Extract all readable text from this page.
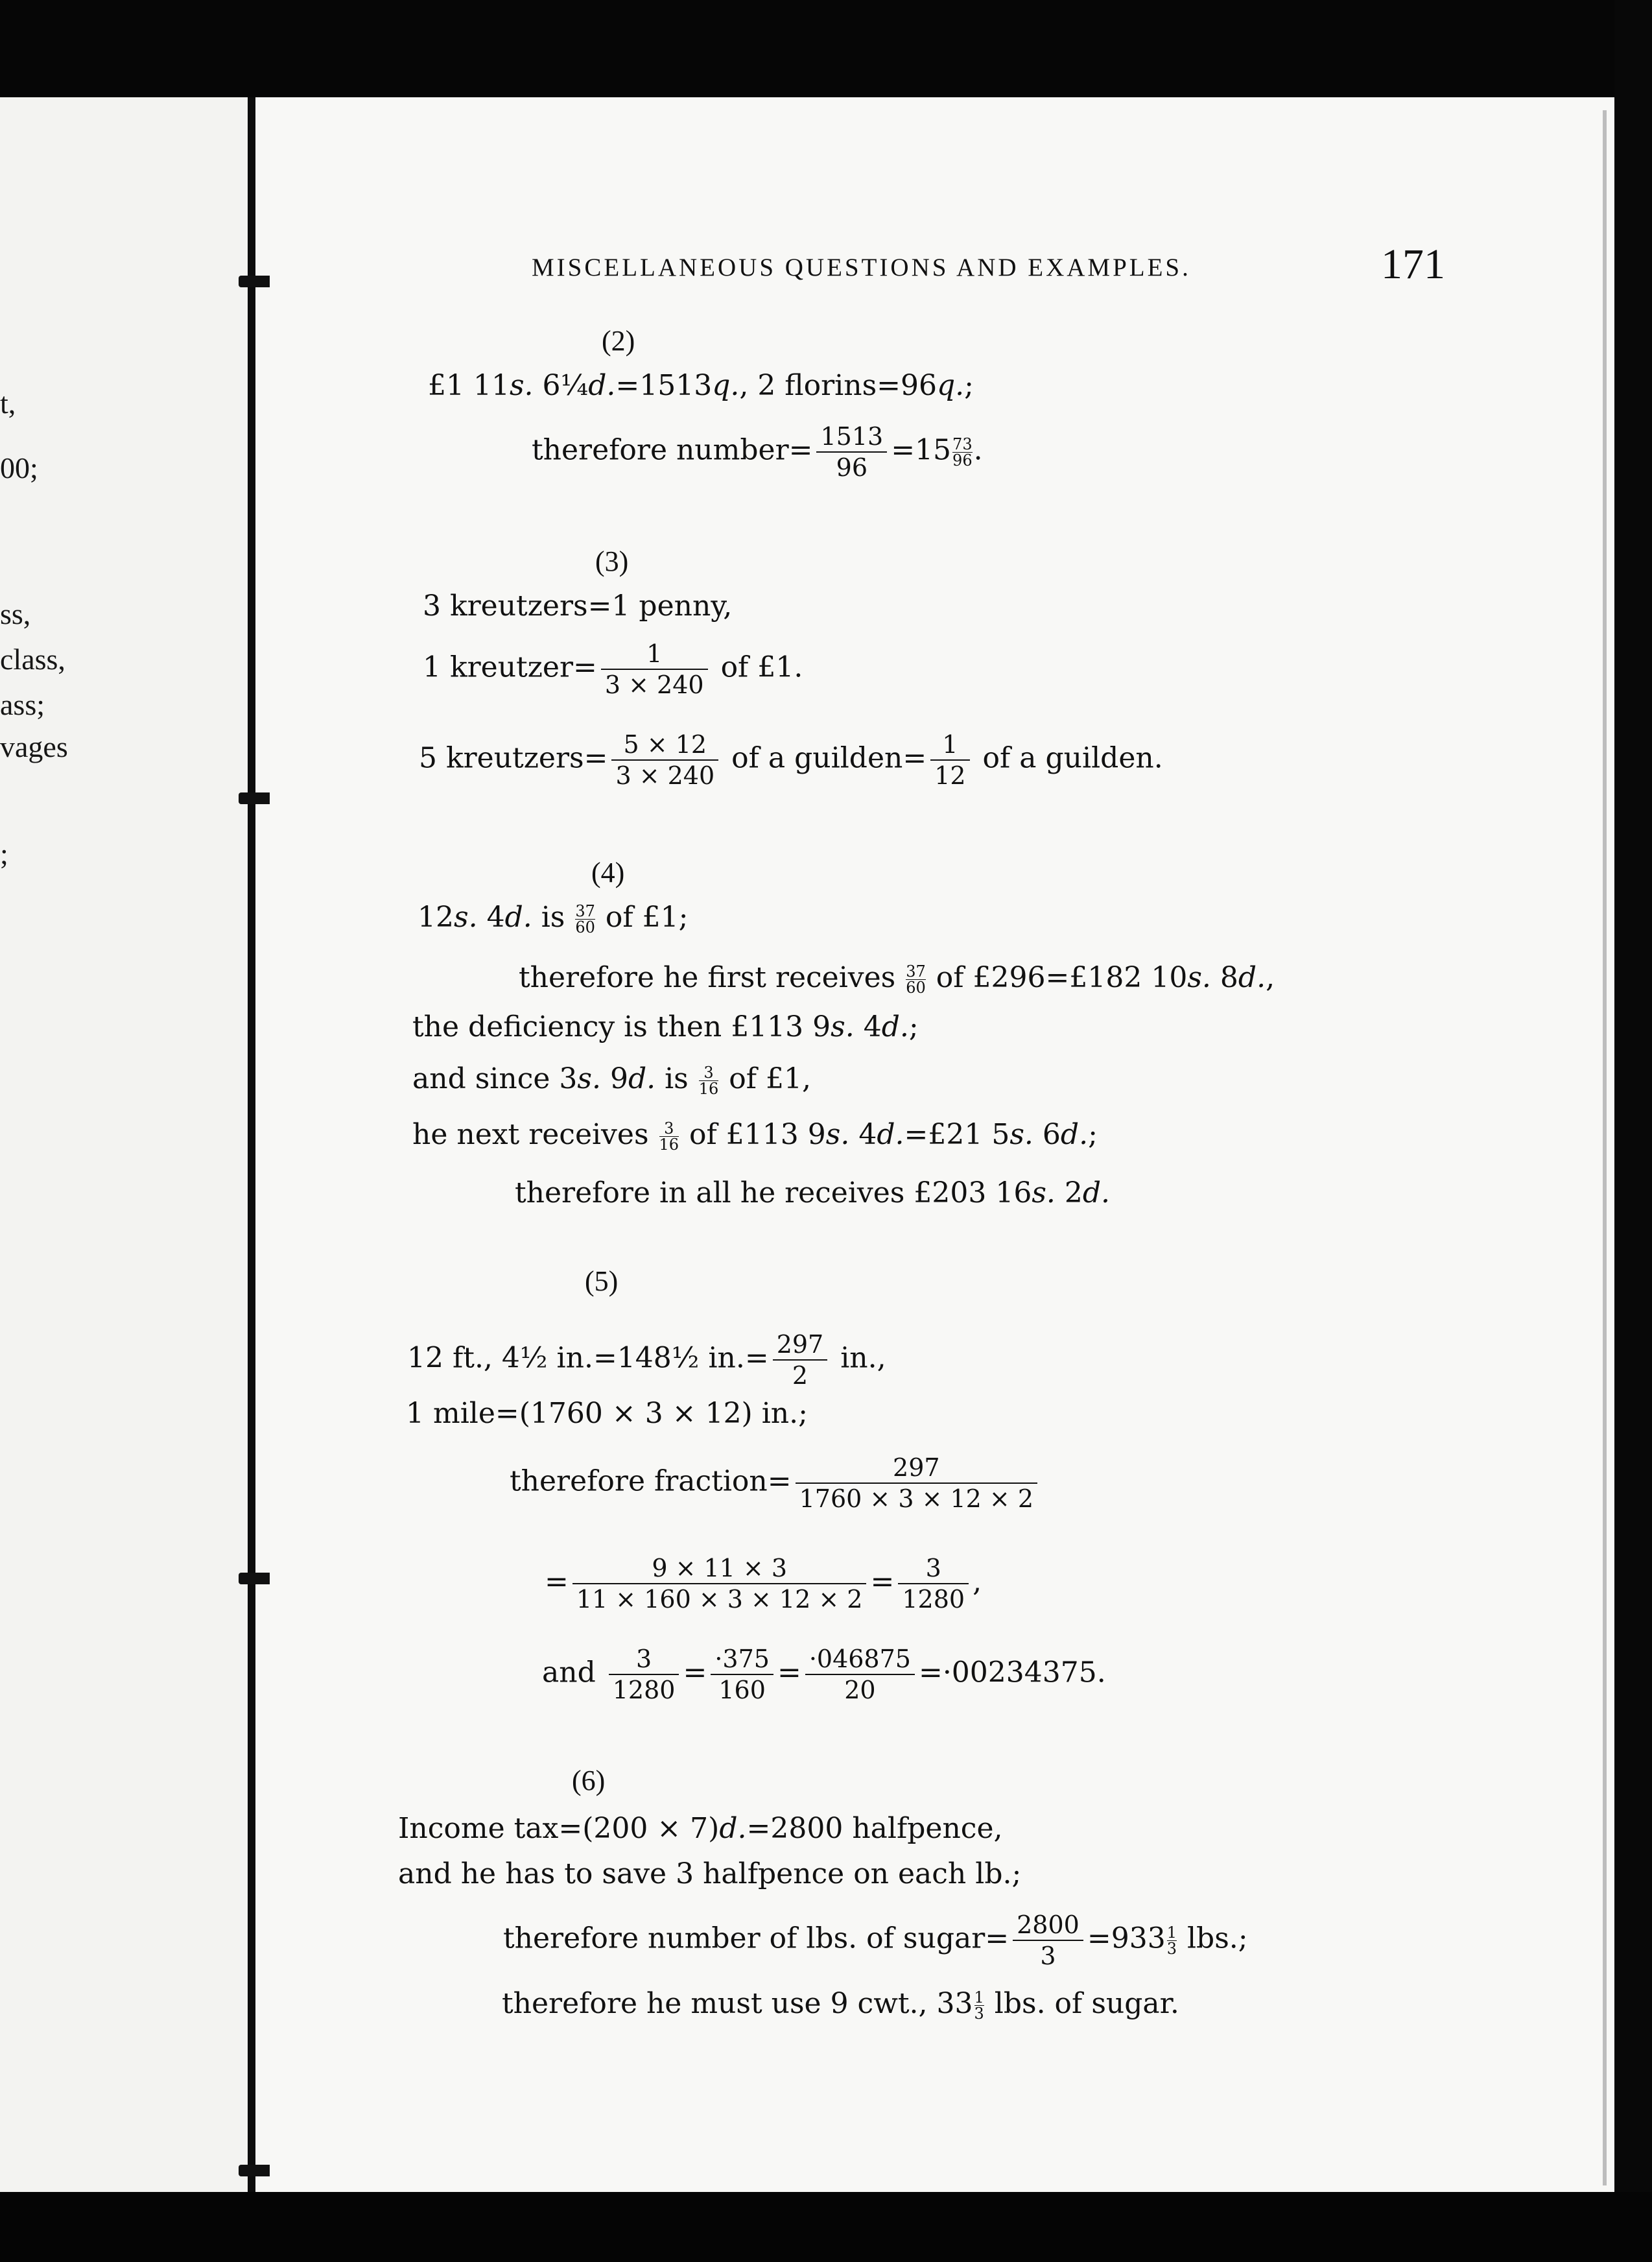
t,
00;
ss,
class,
ass;
vages
;
MISCELLANEOUS QUESTIONS AND EXAMPLES.	171
(2)
£1 11s. 6¼d.=1513q., 2 florins=96q.;
therefore number= $\frac{1513}{96} =15 \frac{73}{96}$ .
(3)
3 kreutzers=1 penny,
1 kreutzer= $\frac{1}{3 \times 240}$ of £1.
5 kreutzers= $\frac{5 \times 12}{3 \times 240}$ of a guilden= $\frac{1}{12}$ of a guilden.
(4)
12s. 4d. is $\frac{37}{60}$ of £1;
therefore he first receives $\frac{37}{60}$ of £296=£182 10s. 8d.,
the deficiency is then £113 9s. 4d.;
and since 3s. 9d. is $\frac{3}{16}$ of £1,
he next receives $\frac{3}{16}$ of £113 9s. 4d.=£21 5s. 6d.;
therefore in all he receives £203 16s. 2d.
(5)
12 ft., 4½ in.=148½ $in.= \frac{297}{2}$ in.,
1 mile=(1760 × 3 × 12) in.;
therefore fraction= $\frac{297}{1760 \times 3 \times 12 \times 2}$
= $\frac{9 \times 11 \times 3}{11 \times 160 \times 3 \times 12 \times 2} = \frac{3}{1280}$ ,
and $\frac{3}{1280} = \frac{\cdot 375}{160} = \frac{\cdot 046875}{20} =\cdot 00234375$.
(6)
Income tax=(200 × 7)d.=2800 halfpence,
and he has to save 3 halfpence on each lb.;
therefore number of lbs. of sugar= $\frac{2800}{3} =933 \frac{1}{3}$ lbs.;
therefore he must use 9 cwt., $33 \frac{1}{3}$ lbs. of sugar.
